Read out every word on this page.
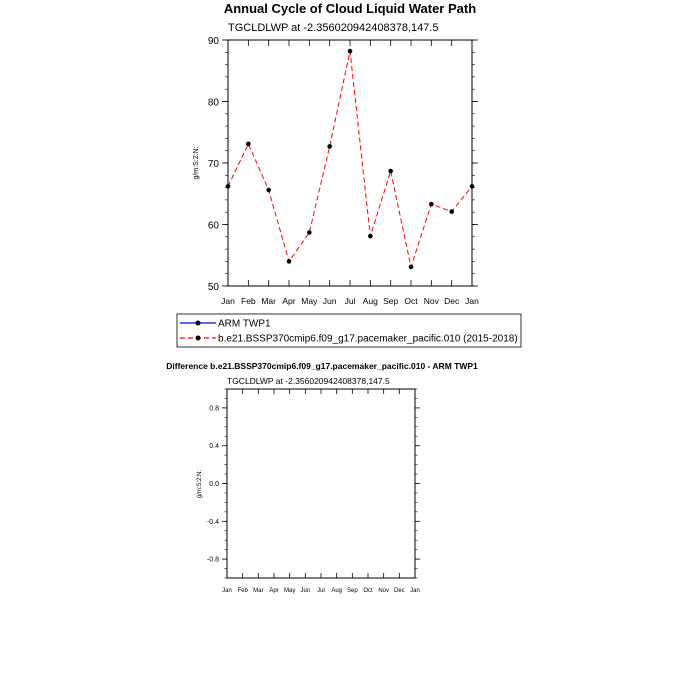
Annual Cycle of Cloud Liquid Water Path
TGCLDLWP at -2.356020942408378,147.5
g/m:S:2:N:
Jan Feb Mar Apr May Jun Jul Aug Sep Oct Nov Dec Jan
50
60
70
80
90
ARM TWP1
b.e21.BSSP370cmip6.f09_g17.pacemaker_pacific.010 (2015-2018)
Difference b.e21.BSSP370cmip6.f09_g17.pacemaker_pacific.010 - ARM TWP1
TGCLDLWP at -2.356020942408378,147.5
g/m:S:2:N:
Jan Feb Mar Apr May Jun Jul Aug Sep Oct Nov Dec Jan
-0.8
-0.4
0.0
0.4
0.8
